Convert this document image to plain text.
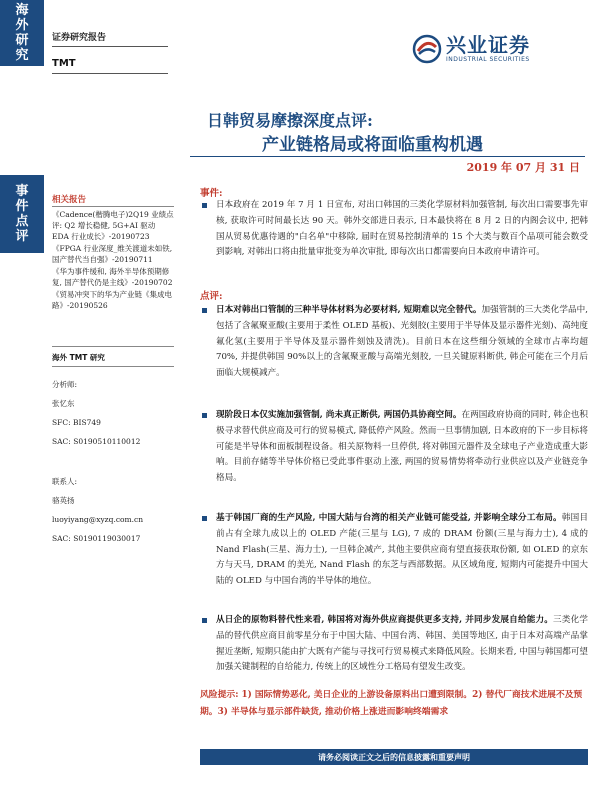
海
外
研
究
事
件
点
评
证券研究报告
TMT
兴业证券
INDUSTRIAL SECURITIES
日韩贸易摩擦深度点评:
产业链格局或将面临重构机遇
2019 年 07 月 31 日
相关报告

《Cadence(楷腾电子)2Q19 业绩点评: Q2 增长稳健, 5G+AI 驱动 EDA 行业成长》-20190723

《FPGA 行业深度_维关渡道未如铁, 国产替代当自强》-20190711

《华为事件缓和, 海外半导体预期修复, 国产替代仍是主线》-20190702

《贸易冲突下的华为产业链《集成电路》-20190526

海外 TMT 研究

分析师:

张忆东

SFC: BIS749

SAC: S0190510110012

联系人:

骆英扬

luoyiyang@xyzq.com.cn

SAC: S0190119030017

事件:
日本政府在 2019 年 7 月 1 日宣布, 对出口韩国的三类化学原材料加强管制, 每次出口需要事先审核, 获取许可时间最长达 90 天。韩外交部进日表示, 日本最快将在 8 月 2 日的内阁会议中, 把韩国从贸易优惠待遇的"白名单"中移除, 届时在贸易控制清单的 15 个大类与数百个品项可能会数受到影响, 对韩出口将由批量审批变为单次审批, 即每次出口都需要向日本政府申请许可。
点评:
日本对韩出口管制的三种半导体材料为必要材料, 短期难以完全替代。加强管制的三大类化学品中, 包括了含氟聚亚酸(主要用于柔性 OLED 基板)、光刻胶(主要用于半导体及显示器件光刻)、高纯度氟化氢(主要用于半导体及显示器件刻蚀及清洗)。目前日本在这些细分领域的全球市占率均超 70%, 并提供韩国 90%以上的含氟聚亚酸与高端光刻胶, 一旦关键原料断供, 韩企可能在三个月后面临大规模减产。
现阶段日本仅实施加强管制, 尚未真正断供, 两国仍具协商空间。在两国政府协商的同时, 韩企也积极寻求替代供应商及可行的贸易模式, 降低停产风险。然而一旦事情加剧, 日本政府的下一步目标将可能是半导体和面板制程设备。相关原物料一旦停供, 将对韩国元器件及全球电子产业造成重大影响。目前存储等半导体价格已受此事件驱动上涨, 两国的贸易情势将牵动行业供应以及产业链竞争格局。
基于韩国厂商的生产风险, 中国大陆与台湾的相关产业链可能受益, 并影响全球分工布局。韩国目前占有全球九成以上的 OLED 产能(三星与 LG), 7 成的 DRAM 份额(三星与海力士), 4 成的 Nand Flash(三星、海力士), 一旦韩企减产, 其他主要供应商有望直接获取份额, 如 OLED 的京东方与天马, DRAM 的美光, Nand Flash 的东芝与西部数据。从区域角度, 短期内可能提升中国大陆的 OLED 与中国台湾的半导体的地位。
从日企的原物料替代性来看, 韩国将对海外供应商提供更多支持, 并同步发展自给能力。三类化学品的替代供应商目前零星分布于中国大陆、中国台湾、韩国、美国等地区, 由于日本对高端产品掌握近垄断, 短期只能由扩大既有产能与寻找可行贸易模式来降低风险。长期来看, 中国与韩国都可望加强关键制程的自给能力, 传统上的区域性分工格局有望发生改变。
风险提示: 1) 国际情势恶化, 美日企业的上游设备原料出口遭到限制。2) 替代厂商技术进展不及预期。3) 半导体与显示部件缺货, 推动价格上涨进而影响终端需求
请务必阅读正文之后的信息披露和重要声明
